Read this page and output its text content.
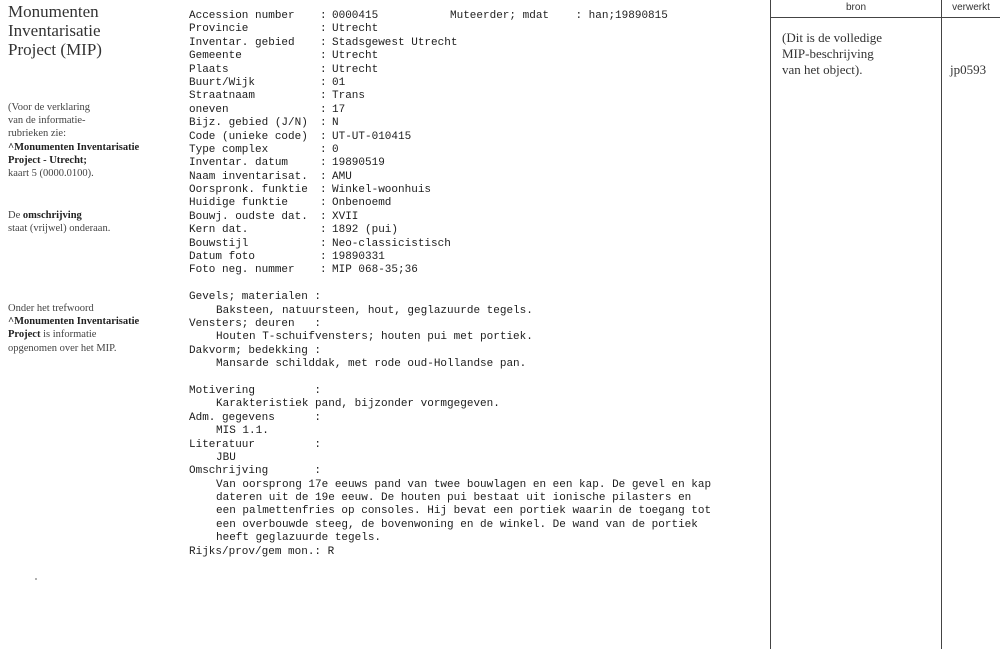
Monumenten
Inventarisatie
Project (MIP)
(Voor de verklaring
van de informatie-
rubrieken zie:
^Monumenten Inventarisatie
Project - Utrecht;
kaart 5 (0000.0100).
De omschrijving
staat (vrijwel) onderaan.
Onder het trefwoord
^Monumenten Inventarisatie
Project is informatie
opgenomen over het MIP.
Accession number : 0000415
Provincie	: Utrecht
Inventar. gebied : Stadsgewest Utrecht
Gemeente	: Utrecht
Plaats	: Utrecht
Buurt/Wijk	: 01
Straatnaam	: Trans
oneven	: 17
Bijz. gebied (J/N) : N
Code (unieke code) : UT-UT-010415
Type complex	: 0
Inventar. datum	: 19890519
Naam inventarisat. : AMU
Oorspronk. funktie : Winkel-woonhuis
Huidige funktie	: Onbenoemd
Bouwj. oudste dat. : XVII
Kern dat.	: 1892 (pui)
Bouwstijl	: Neo-classicistisch
Datum foto	: 19890331
Foto neg. nummer : MIP 068-35;36
Gevels; materialen :
Baksteen, natuursteen, hout, geglazuurde tegels.
Vensters; deuren   :
Houten T-schuifvensters; houten pui met portiek.
Dakvorm; bedekking :
Mansarde schilddak, met rode oud-Hollandse pan.
Motivering         :
Karakteristiek pand, bijzonder vormgegeven.
Adm. gegevens      :
MIS 1.1.
Literatuur         :
JBU
Omschrijving       :
Van oorsprong 17e eeuws pand van twee bouwlagen en een kap. De gevel en kap
dateren uit de 19e eeuw. De houten pui bestaat uit ionische pilasters en
een palmettenfries op consoles. Hij bevat een portiek waarin de toegang tot
een overbouwde steeg, de bovenwoning en de winkel. De wand van de portiek
heeft geglazuurde tegels.
Rijks/prov/gem mon.: R
Muteerder; mdat : han;19890815
bron	verwerkt
(Dit is de volledige
MIP-beschrijving
van het object).	jp0593
